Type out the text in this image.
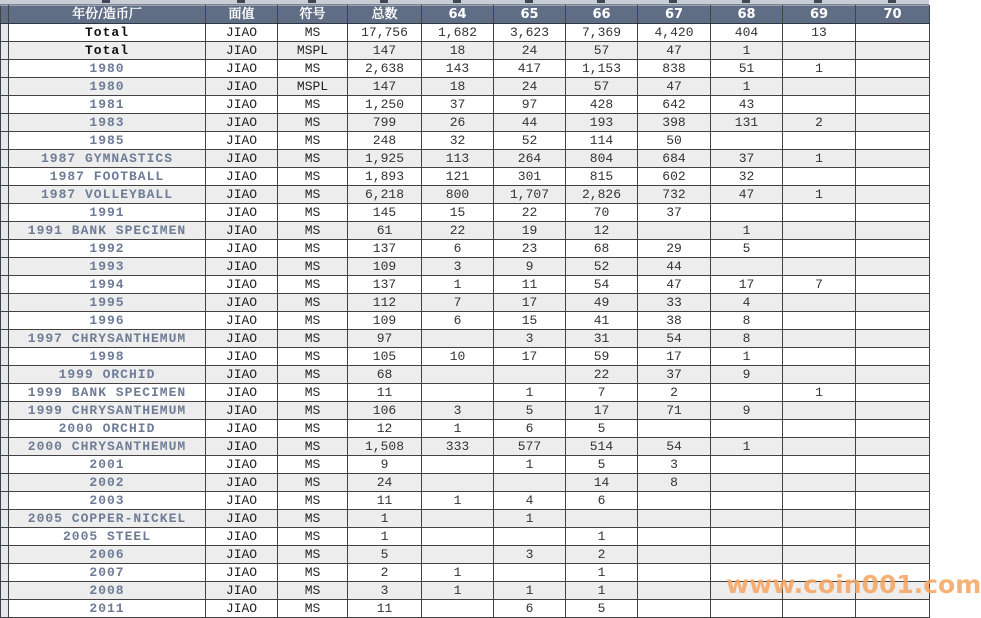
	年份/造币厂	面值	符号	总数	64	65	66	67	68	69	70
	Total	JIAO	MS	17,756	1,682	3,623	7,369	4,420	404	13	
	Total	JIAO	MSPL	147	18	24	57	47	1		
	1980	JIAO	MS	2,638	143	417	1,153	838	51	1	
	1980	JIAO	MSPL	147	18	24	57	47	1		
	1981	JIAO	MS	1,250	37	97	428	642	43		
	1983	JIAO	MS	799	26	44	193	398	131	2	
	1985	JIAO	MS	248	32	52	114	50			
	1987 GYMNASTICS	JIAO	MS	1,925	113	264	804	684	37	1	
	1987 FOOTBALL	JIAO	MS	1,893	121	301	815	602	32		
	1987 VOLLEYBALL	JIAO	MS	6,218	800	1,707	2,826	732	47	1	
	1991	JIAO	MS	145	15	22	70	37			
	1991 BANK SPECIMEN	JIAO	MS	61	22	19	12		1		
	1992	JIAO	MS	137	6	23	68	29	5		
	1993	JIAO	MS	109	3	9	52	44			
	1994	JIAO	MS	137	1	11	54	47	17	7	
	1995	JIAO	MS	112	7	17	49	33	4		
	1996	JIAO	MS	109	6	15	41	38	8		
	1997 CHRYSANTHEMUM	JIAO	MS	97		3	31	54	8		
	1998	JIAO	MS	105	10	17	59	17	1		
	1999 ORCHID	JIAO	MS	68			22	37	9		
	1999 BANK SPECIMEN	JIAO	MS	11		1	7	2		1	
	1999 CHRYSANTHEMUM	JIAO	MS	106	3	5	17	71	9		
	2000 ORCHID	JIAO	MS	12	1	6	5				
	2000 CHRYSANTHEMUM	JIAO	MS	1,508	333	577	514	54	1		
	2001	JIAO	MS	9		1	5	3			
	2002	JIAO	MS	24			14	8			
	2003	JIAO	MS	11	1	4	6				
	2005 COPPER-NICKEL	JIAO	MS	1		1					
	2005 STEEL	JIAO	MS	1			1				
	2006	JIAO	MS	5		3	2				
	2007	JIAO	MS	2	1		1				
	2008	JIAO	MS	3	1	1	1				
	2011	JIAO	MS	11		6	5				
www.coin001.com
